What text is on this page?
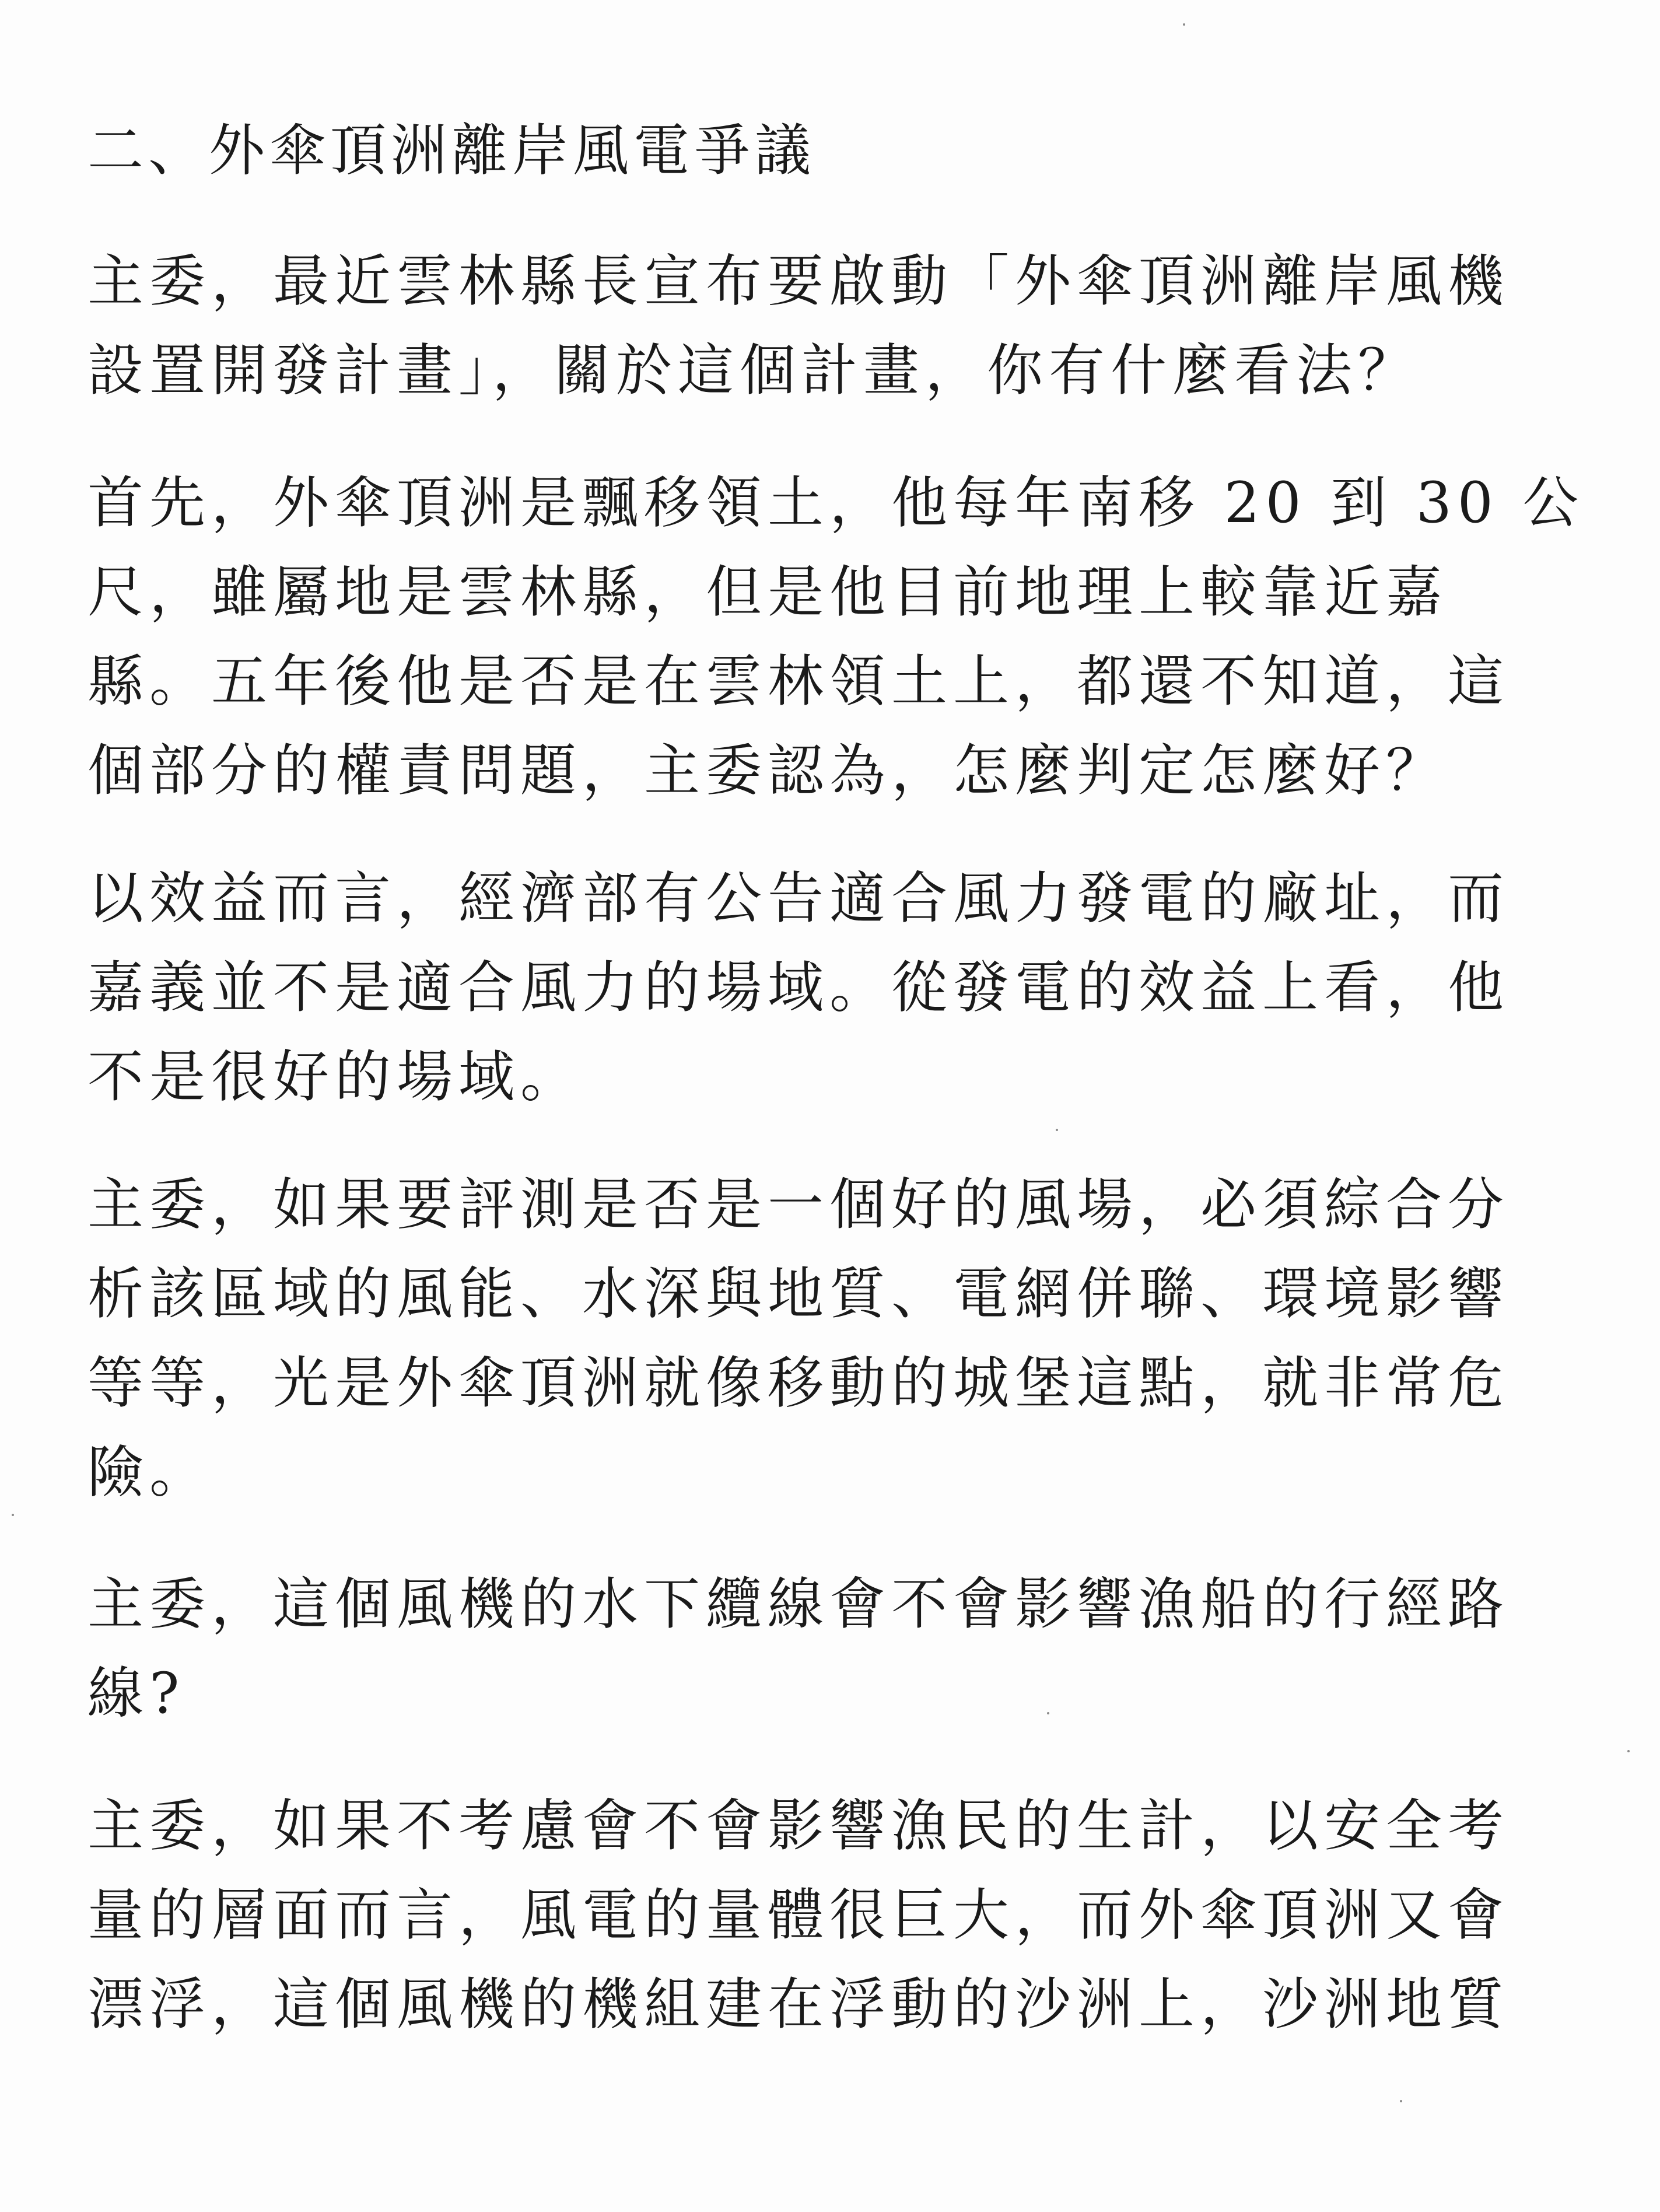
二、外傘頂洲離岸風電爭議
主委，最近雲林縣長宣布要啟動「外傘頂洲離岸風機
設置開發計畫」，關於這個計畫，你有什麼看法？
首先，外傘頂洲是飄移領土，他每年南移 20 到 30 公
尺，雖屬地是雲林縣，但是他目前地理上較靠近嘉
縣。五年後他是否是在雲林領土上，都還不知道，這
個部分的權責問題，主委認為，怎麼判定怎麼好？
以效益而言，經濟部有公告適合風力發電的廠址，而
嘉義並不是適合風力的場域。從發電的效益上看，他
不是很好的場域。
主委，如果要評測是否是一個好的風場，必須綜合分
析該區域的風能、水深與地質、電網併聯、環境影響
等等，光是外傘頂洲就像移動的城堡這點，就非常危
險。
主委，這個風機的水下纜線會不會影響漁船的行經路
線?
主委，如果不考慮會不會影響漁民的生計，以安全考
量的層面而言，風電的量體很巨大，而外傘頂洲又會
漂浮，這個風機的機組建在浮動的沙洲上，沙洲地質
